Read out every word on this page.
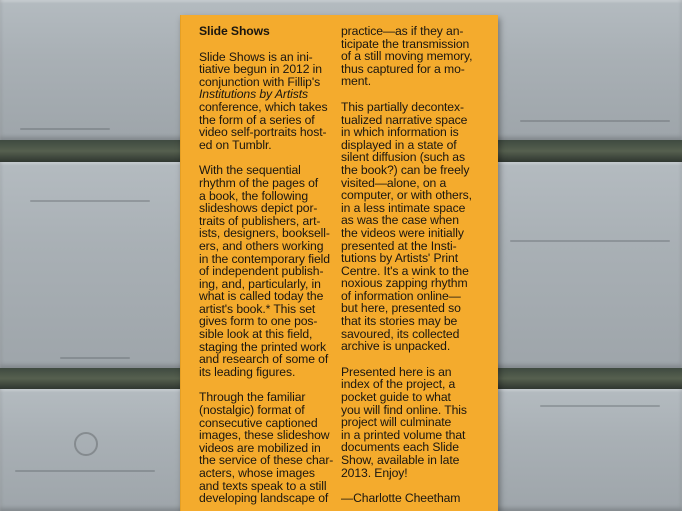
Slide Shows

Slide Shows is an ini-
tiative begun in 2012 in
conjunction with Fillip's
Institutions by Artists
conference, which takes
the form of a series of
video self-portraits host-
ed on Tumblr.

With the sequential
rhythm of the pages of
a book, the following
slideshows depict por-
traits of publishers, art-
ists, designers, booksell-
ers, and others working
in the contemporary field
of independent publish-
ing, and, particularly, in
what is called today the
artist's book.* This set
gives form to one pos-
sible look at this field,
staging the printed work
and research of some of
its leading figures.

Through the familiar
(nostalgic) format of
consecutive captioned
images, these slideshow
videos are mobilized in
the service of these char-
acters, whose images
and texts speak to a still
developing landscape of

practice—as if they an-
ticipate the transmission
of a still moving memory,
thus captured for a mo-
ment.

This partially decontex-
tualized narrative space
in which information is
displayed in a state of
silent diffusion (such as
the book?) can be freely
visited—alone, on a
computer, or with others,
in a less intimate space
as was the case when
the videos were initially
presented at the Insti-
tutions by Artists' Print
Centre. It's a wink to the
noxious zapping rhythm
of information online—
but here, presented so
that its stories may be
savoured, its collected
archive is unpacked.

Presented here is an
index of the project, a
pocket guide to what
you will find online. This
project will culminate
in a printed volume that
documents each Slide
Show, available in late
2013. Enjoy!

—Charlotte Cheetham
